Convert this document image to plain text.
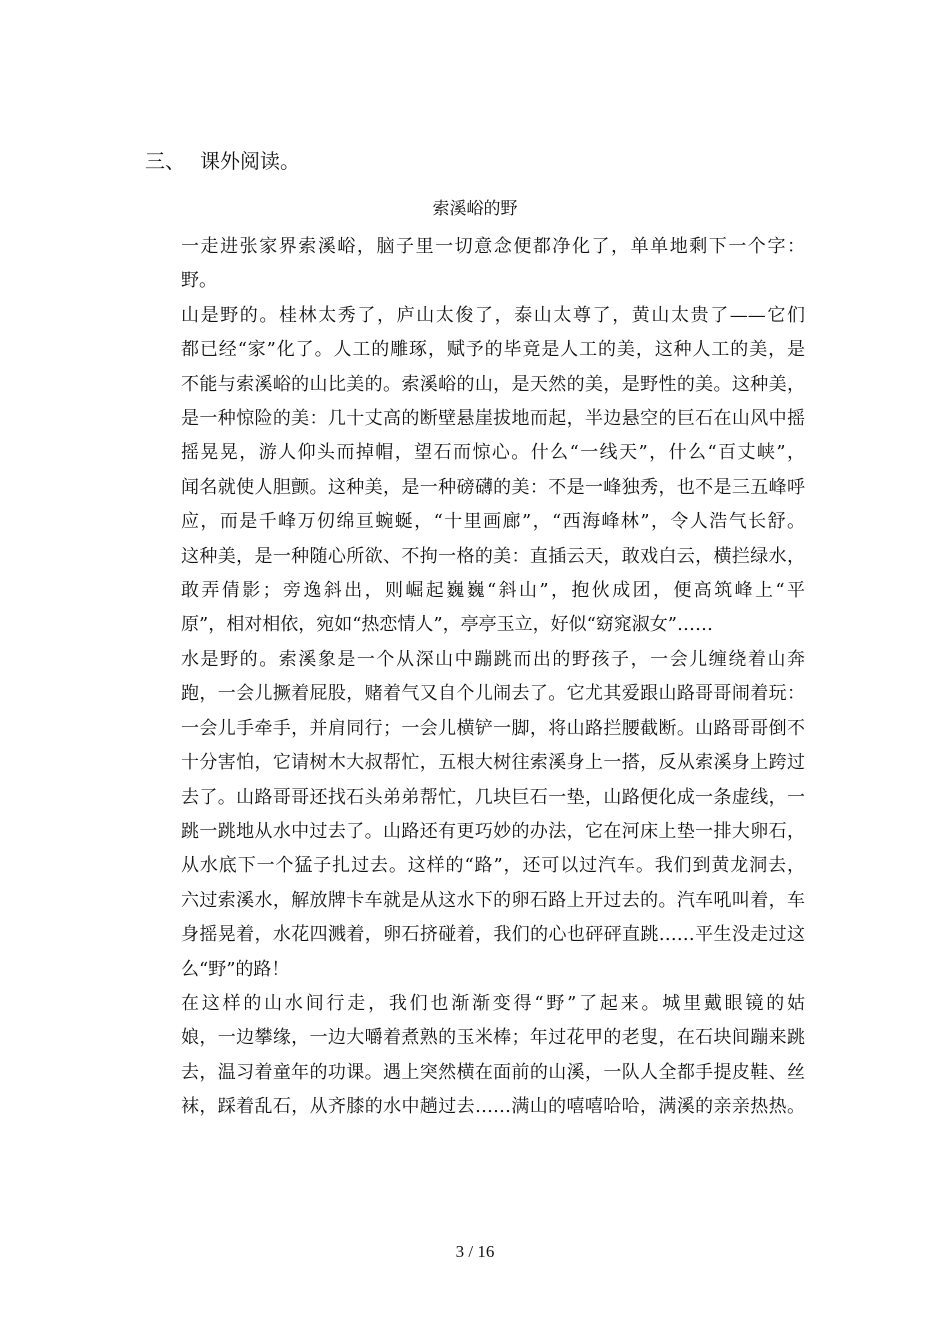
三、 课外阅读。
索溪峪的野

一走进张家界索溪峪，脑子里一切意念便都净化了，单单地剩下一个字：
野。

山是野的。桂林太秀了，庐山太俊了，泰山太尊了，黄山太贵了——它们
都已经“家”化了。人工的雕琢，赋予的毕竟是人工的美，这种人工的美，是
不能与索溪峪的山比美的。索溪峪的山，是天然的美，是野性的美。这种美，
是一种惊险的美：几十丈高的断壁悬崖拔地而起，半边悬空的巨石在山风中摇
摇晃晃，游人仰头而掉帽，望石而惊心。什么“一线天”，什么“百丈峡”，
闻名就使人胆颤。这种美，是一种磅礴的美：不是一峰独秀，也不是三五峰呼
应，而是千峰万仞绵亘蜿蜒，“十里画廊”，“西海峰林”，令人浩气长舒。
这种美，是一种随心所欲、不拘一格的美：直插云天，敢戏白云，横拦绿水，
敢弄倩影；旁逸斜出，则崛起巍巍“斜山”，抱伙成团，便高筑峰上“平
原”，相对相依，宛如“热恋情人”，亭亭玉立，好似“窈窕淑女”……

水是野的。索溪象是一个从深山中蹦跳而出的野孩子，一会儿缠绕着山奔
跑，一会儿撅着屁股，赌着气又自个儿闹去了。它尤其爱跟山路哥哥闹着玩：
一会儿手牵手，并肩同行；一会儿横铲一脚，将山路拦腰截断。山路哥哥倒不
十分害怕，它请树木大叔帮忙，五根大树往索溪身上一搭，反从索溪身上跨过
去了。山路哥哥还找石头弟弟帮忙，几块巨石一垫，山路便化成一条虚线，一
跳一跳地从水中过去了。山路还有更巧妙的办法，它在河床上垫一排大卵石，
从水底下一个猛子扎过去。这样的“路”，还可以过汽车。我们到黄龙洞去，
六过索溪水，解放牌卡车就是从这水下的卵石路上开过去的。汽车吼叫着，车
身摇晃着，水花四溅着，卵石挤碰着，我们的心也砰砰直跳……平生没走过这
么“野”的路！

在这样的山水间行走，我们也渐渐变得“野”了起来。城里戴眼镜的姑
娘，一边攀缘，一边大嚼着煮熟的玉米棒；年过花甲的老叟，在石块间蹦来跳
去，温习着童年的功课。遇上突然横在面前的山溪，一队人全都手提皮鞋、丝
袜，踩着乱石，从齐膝的水中趟过去……满山的嘻嘻哈哈，满溪的亲亲热热。

3 / 16
